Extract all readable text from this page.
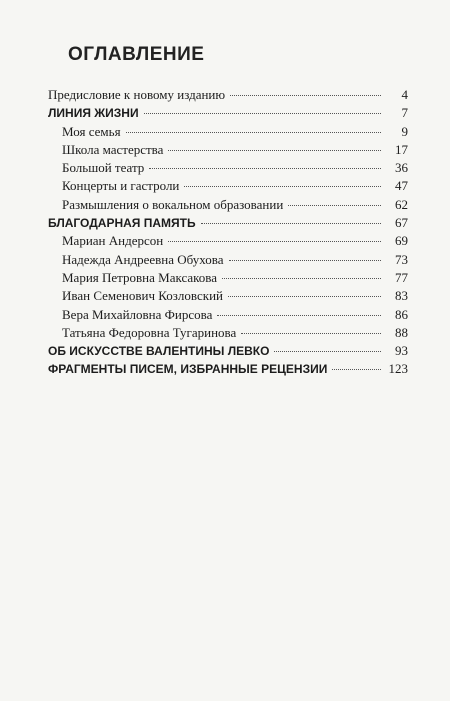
ОГЛАВЛЕНИЕ
Предисловие к новому изданию	4
ЛИНИЯ ЖИЗНИ	7
Моя семья	9
Школа мастерства	17
Большой театр	36
Концерты и гастроли	47
Размышления о вокальном образовании	62
БЛАГОДАРНАЯ ПАМЯТЬ	67
Мариан Андерсон	69
Надежда Андреевна Обухова	73
Мария Петровна Максакова	77
Иван Семенович Козловский	83
Вера Михайловна Фирсова	86
Татьяна Федоровна Тугаринова	88
ОБ ИСКУССТВЕ ВАЛЕНТИНЫ ЛЕВКО	93
ФРАГМЕНТЫ ПИСЕМ, ИЗБРАННЫЕ РЕЦЕНЗИИ	123
